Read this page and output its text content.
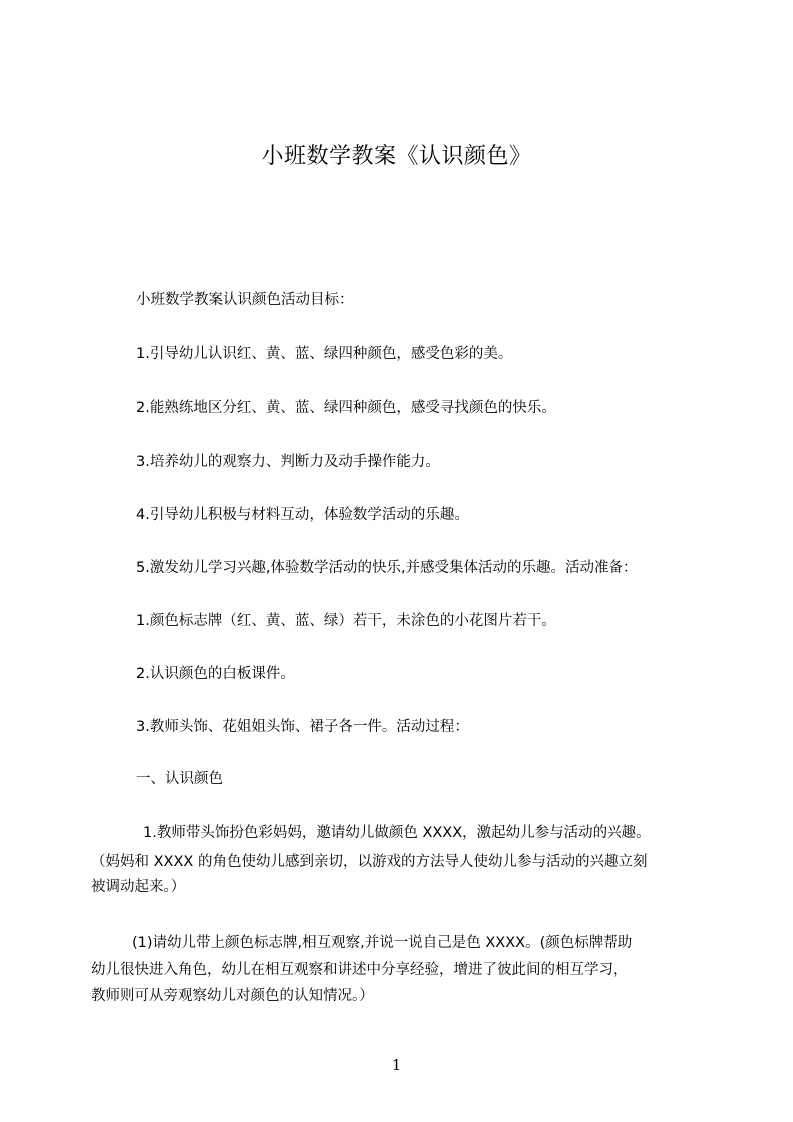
小班数学教案《认识颜色》
小班数学教案认识颜色活动目标：
1.引导幼儿认识红、黄、蓝、绿四种颜色，感受色彩的美。
2.能熟练地区分红、黄、蓝、绿四种颜色，感受寻找颜色的快乐。
3.培养幼儿的观察力、判断力及动手操作能力。
4.引导幼儿积极与材料互动，体验数学活动的乐趣。
5.激发幼儿学习兴趣,体验数学活动的快乐,并感受集体活动的乐趣。活动准备：
1.颜色标志牌（红、黄、蓝、绿）若干，未涂色的小花图片若干。
2.认识颜色的白板课件。
3.教师头饰、花姐姐头饰、裙子各一件。活动过程：
一、认识颜色
1.教师带头饰扮色彩妈妈，邀请幼儿做颜色 XXXX，激起幼儿参与活动的兴趣。
（妈妈和 XXXX 的角色使幼儿感到亲切，以游戏的方法导人使幼儿参与活动的兴趣立刻
被调动起来。）
(1)请幼儿带上颜色标志牌,相互观察,并说一说自己是色 XXXX。(颜色标牌帮助
幼儿很快进入角色，幼儿在相互观察和讲述中分享经验，增进了彼此间的相互学习，
教师则可从旁观察幼儿对颜色的认知情况。）
1
